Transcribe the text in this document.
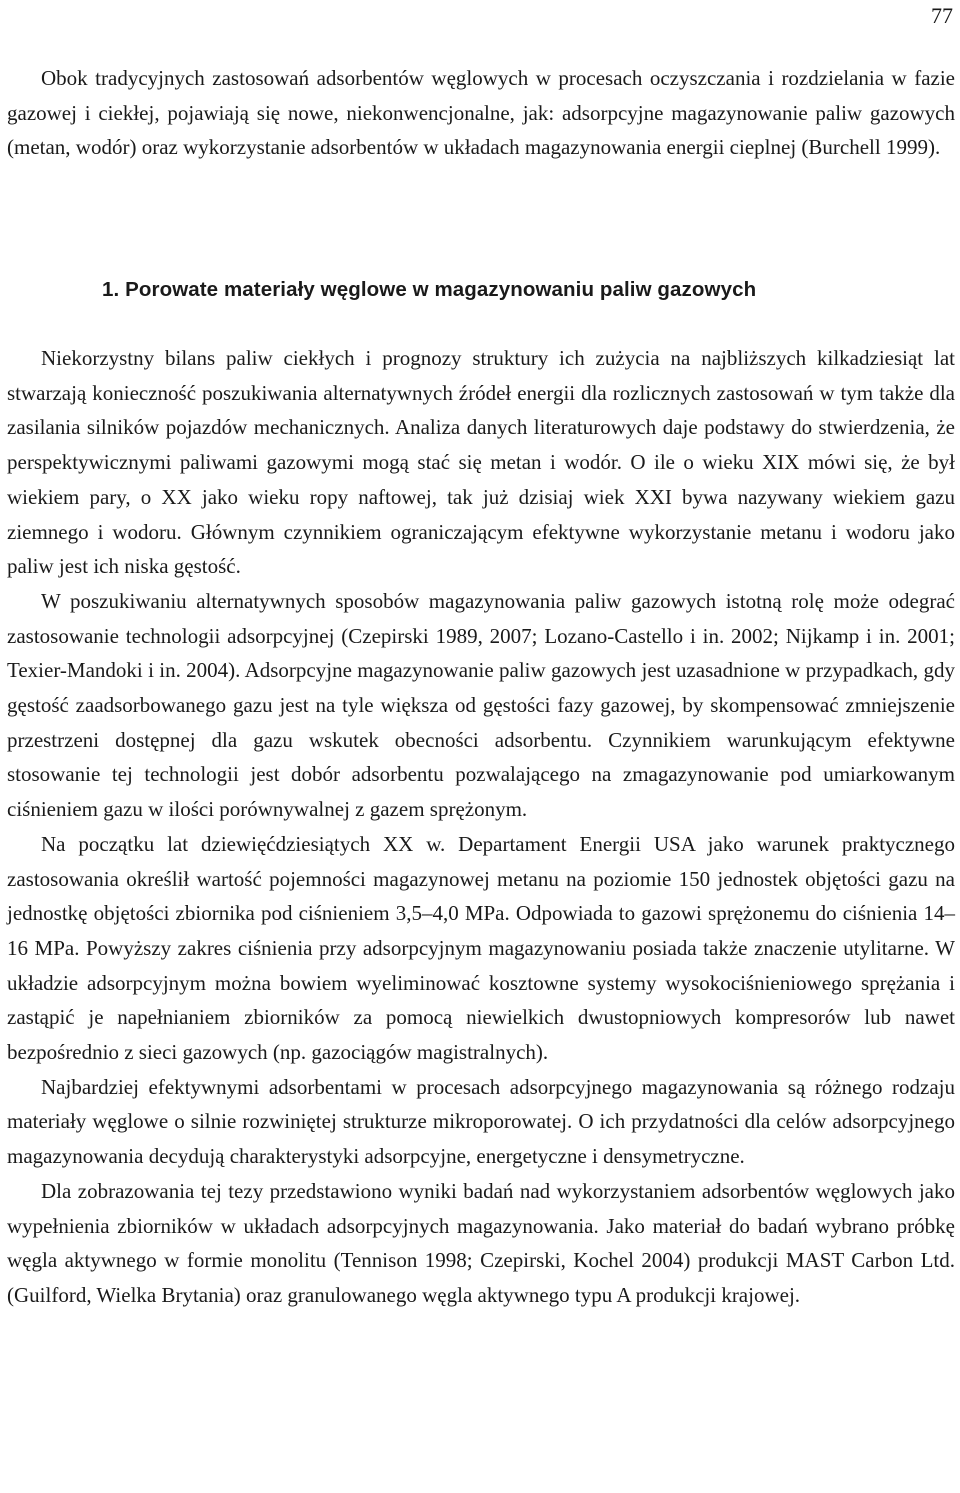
77

Obok tradycyjnych zastosowań adsorbentów węglowych w procesach oczyszczania i rozdzielania w fazie gazowej i ciekłej, pojawiają się nowe, niekonwencjonalne, jak: adsorpcyjne magazynowanie paliw gazowych (metan, wodór) oraz wykorzystanie adsorbentów w układach magazynowania energii cieplnej (Burchell 1999).

1. Porowate materiały węglowe w magazynowaniu paliw gazowych

Niekorzystny bilans paliw ciekłych i prognozy struktury ich zużycia na najbliższych kilkadziesiąt lat stwarzają konieczność poszukiwania alternatywnych źródeł energii dla rozlicznych zastosowań w tym także dla zasilania silników pojazdów mechanicznych. Analiza danych literaturowych daje podstawy do stwierdzenia, że perspektywicznymi paliwami gazowymi mogą stać się metan i wodór. O ile o wieku XIX mówi się, że był wiekiem pary, o XX jako wieku ropy naftowej, tak już dzisiaj wiek XXI bywa nazywany wiekiem gazu ziemnego i wodoru. Głównym czynnikiem ograniczającym efektywne wykorzystanie metanu i wodoru jako paliw jest ich niska gęstość.

W poszukiwaniu alternatywnych sposobów magazynowania paliw gazowych istotną rolę może odegrać zastosowanie technologii adsorpcyjnej (Czepirski 1989, 2007; Lozano-Castello i in. 2002; Nijkamp i in. 2001; Texier-Mandoki i in. 2004). Adsorpcyjne magazynowanie paliw gazowych jest uzasadnione w przypadkach, gdy gęstość zaadsorbowanego gazu jest na tyle większa od gęstości fazy gazowej, by skompensować zmniejszenie przestrzeni dostępnej dla gazu wskutek obecności adsorbentu. Czynnikiem warunkującym efektywne stosowanie tej technologii jest dobór adsorbentu pozwalającego na zmagazynowanie pod umiarkowanym ciśnieniem gazu w ilości porównywalnej z gazem sprężonym.

Na początku lat dziewięćdziesiątych XX w. Departament Energii USA jako warunek praktycznego zastosowania określił wartość pojemności magazynowej metanu na poziomie 150 jednostek objętości gazu na jednostkę objętości zbiornika pod ciśnieniem 3,5–4,0 MPa. Odpowiada to gazowi sprężonemu do ciśnienia 14–16 MPa. Powyższy zakres ciśnienia przy adsorpcyjnym magazynowaniu posiada także znaczenie utylitarne. W układzie adsorpcyjnym można bowiem wyeliminować kosztowne systemy wysokociśnieniowego sprężania i zastąpić je napełnianiem zbiorników za pomocą niewielkich dwustopniowych kompresorów lub nawet bezpośrednio z sieci gazowych (np. gazociągów magistralnych).

Najbardziej efektywnymi adsorbentami w procesach adsorpcyjnego magazynowania są różnego rodzaju materiały węglowe o silnie rozwiniętej strukturze mikroporowatej. O ich przydatności dla celów adsorpcyjnego magazynowania decydują charakterystyki adsorpcyjne, energetyczne i densymetryczne.

Dla zobrazowania tej tezy przedstawiono wyniki badań nad wykorzystaniem adsorbentów węglowych jako wypełnienia zbiorników w układach adsorpcyjnych magazynowania. Jako materiał do badań wybrano próbkę węgla aktywnego w formie monolitu (Tennison 1998; Czepirski, Kochel 2004) produkcji MAST Carbon Ltd. (Guilford, Wielka Brytania) oraz granulowanego węgla aktywnego typu A produkcji krajowej.
